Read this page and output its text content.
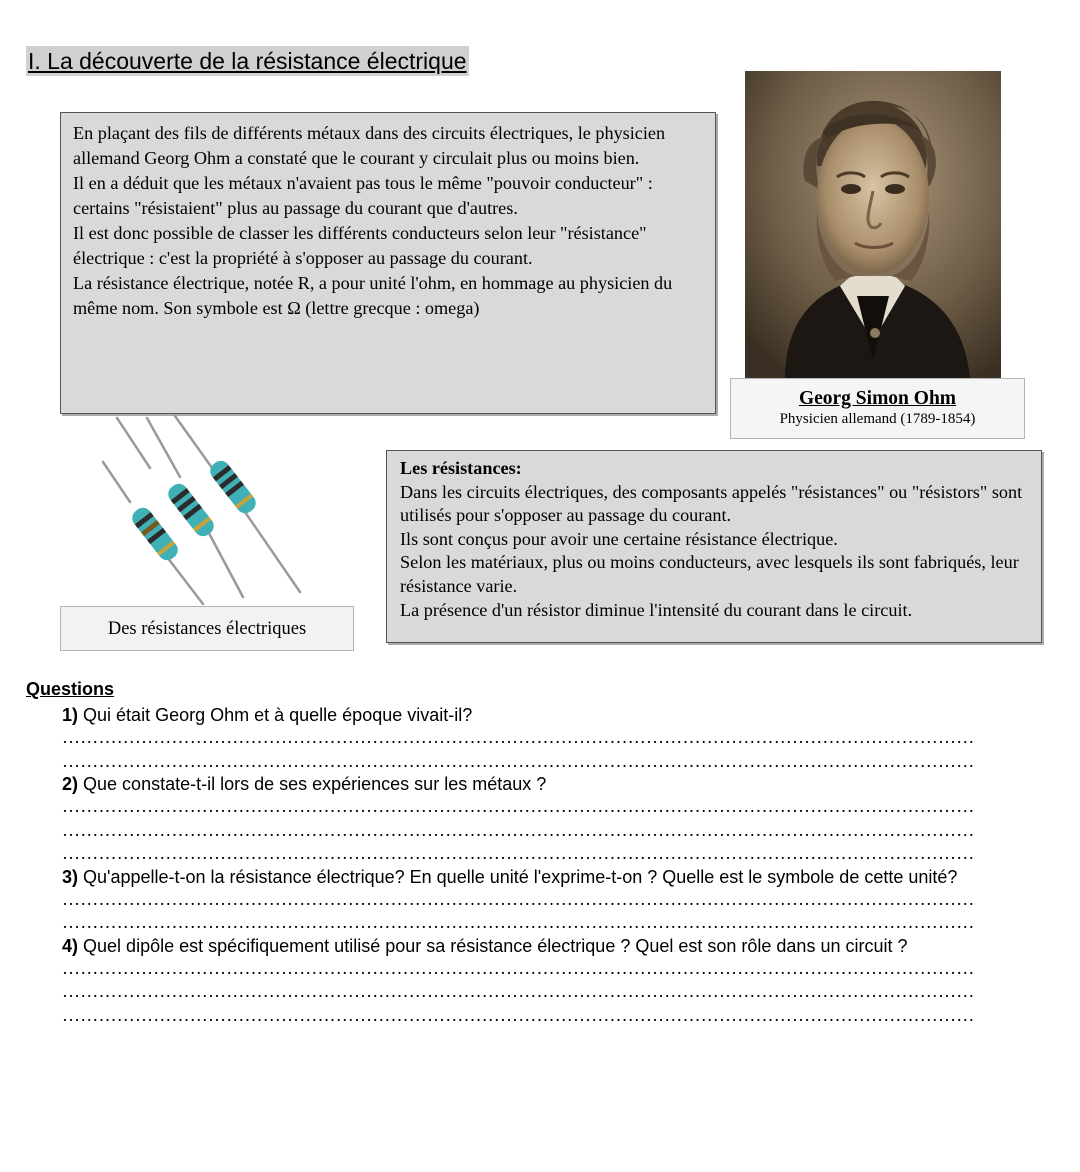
I. La découverte de la résistance électrique

En plaçant des fils de différents métaux dans des circuits électriques, le physicien allemand Georg Ohm a constaté que le courant y circulait plus ou moins bien.

Il en a déduit que les métaux n'avaient pas tous le même "pouvoir conducteur" : certains "résistaient" plus au passage du courant que d'autres.

Il est donc possible de classer les différents conducteurs selon leur "résistance" électrique : c'est la propriété à s'opposer au passage du courant.

La résistance électrique, notée R, a pour unité l'ohm, en hommage au physicien du même nom. Son symbole est Ω (lettre grecque : omega)

Georg Simon Ohm
Physicien allemand (1789-1854)
Des résistances électriques

Les résistances:

Dans les circuits électriques, des composants appelés "résistances" ou "résistors" sont utilisés pour s'opposer au passage du courant.

Ils sont conçus pour avoir une certaine résistance électrique.

Selon les matériaux, plus ou moins conducteurs, avec lesquels ils sont fabriqués, leur résistance varie.

La présence d'un résistor diminue l'intensité du courant dans le circuit.

Questions
1) Qui était Georg Ohm et à quelle époque vivait-il?
……………………………………………………………………………………………………………………………………
……………………………………………………………………………………………………………………………………
2) Que constate-t-il lors de ses expériences sur les métaux ?
……………………………………………………………………………………………………………………………………
……………………………………………………………………………………………………………………………………
……………………………………………………………………………………………………………………………………
3) Qu'appelle-t-on la résistance électrique? En quelle unité l'exprime-t-on ? Quelle est le symbole de cette unité?
……………………………………………………………………………………………………………………………………
……………………………………………………………………………………………………………………………………
4) Quel dipôle est spécifiquement utilisé pour sa résistance électrique ? Quel est son rôle dans un circuit ?
……………………………………………………………………………………………………………………………………
……………………………………………………………………………………………………………………………………
……………………………………………………………………………………………………………………………………
